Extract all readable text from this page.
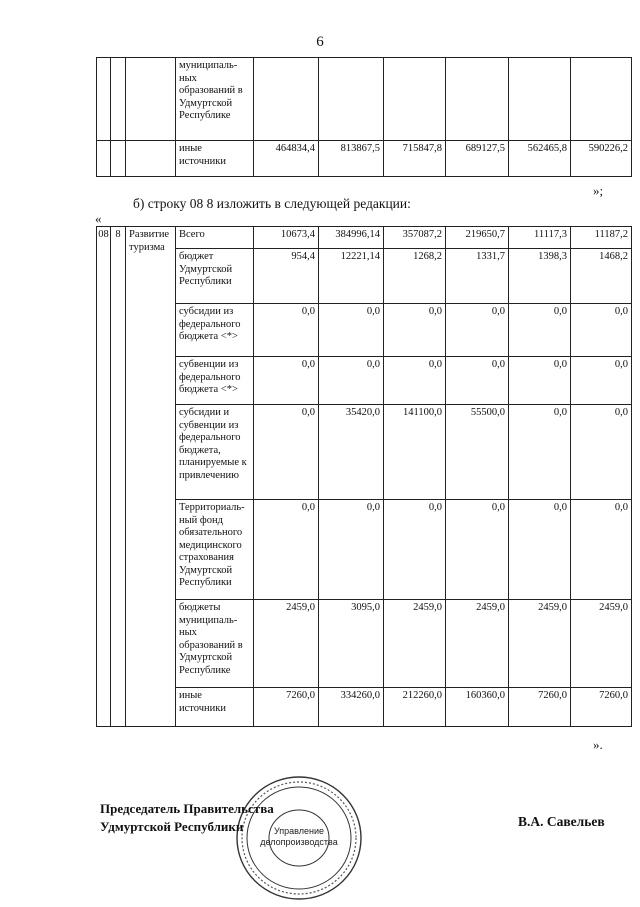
6
			муниципаль-ных образований в Удмуртской Республике						
			иные источники	464834,4	813867,5	715847,8	689127,5	562465,8	590226,2
»;
б) строку 08 8 изложить в следующей редакции:
«
08	8	Развитие туризма	Всего	10673,4	384996,14	357087,2	219650,7	11117,3	11187,2
			бюджет Удмуртской Республики	954,4	12221,14	1268,2	1331,7	1398,3	1468,2
			субсидии из федерального бюджета <*>	0,0	0,0	0,0	0,0	0,0	0,0
			субвенции из федерального бюджета <*>	0,0	0,0	0,0	0,0	0,0	0,0
			субсидии и субвенции из федерального бюджета, планируемые к привлечению	0,0	35420,0	141100,0	55500,0	0,0	0,0
			Территориаль-ный фонд обязательного медицинского страхования Удмуртской Республики	0,0	0,0	0,0	0,0	0,0	0,0
			бюджеты муниципаль-ных образований в Удмуртской Республике	2459,0	3095,0	2459,0	2459,0	2459,0	2459,0
			иные источники	7260,0	334260,0	212260,0	160360,0	7260,0	7260,0
».
Управление
делопроизводства
Председатель Правительства
Удмуртской Республики	В.А. Савельев
